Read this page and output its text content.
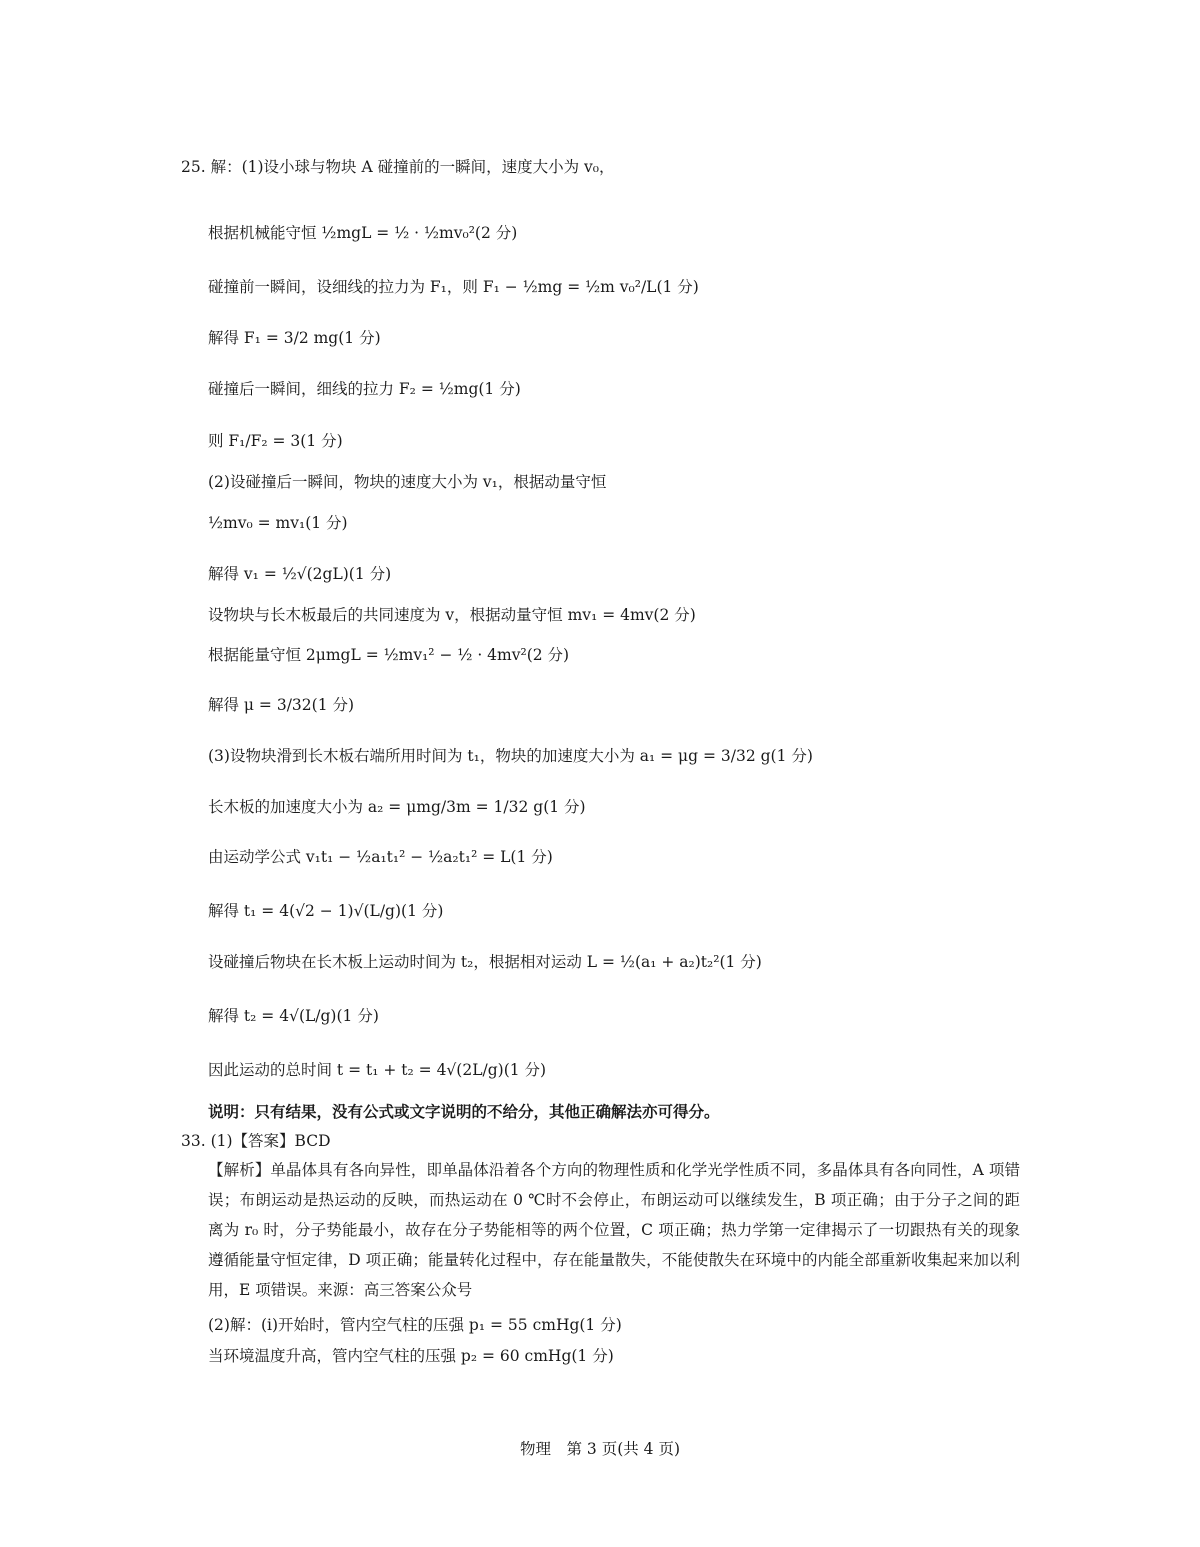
25. 解：(1)设小球与物块 A 碰撞前的一瞬间，速度大小为 v₀，
根据机械能守恒 ½mgL = ½ · ½mv₀²(2 分)
碰撞前一瞬间，设细线的拉力为 F₁，则 F₁ − ½mg = ½m v₀²/L(1 分)
解得 F₁ = 3/2 mg(1 分)
碰撞后一瞬间，细线的拉力 F₂ = ½mg(1 分)
则 F₁/F₂ = 3(1 分)
(2)设碰撞后一瞬间，物块的速度大小为 v₁，根据动量守恒
½mv₀ = mv₁(1 分)
解得 v₁ = ½√(2gL)(1 分)
设物块与长木板最后的共同速度为 v，根据动量守恒 mv₁ = 4mv(2 分)
根据能量守恒 2μmgL = ½mv₁² − ½ · 4mv²(2 分)
解得 μ = 3/32(1 分)
(3)设物块滑到长木板右端所用时间为 t₁，物块的加速度大小为 a₁ = μg = 3/32 g(1 分)
长木板的加速度大小为 a₂ = μmg/3m = 1/32 g(1 分)
由运动学公式 v₁t₁ − ½a₁t₁² − ½a₂t₁² = L(1 分)
解得 t₁ = 4(√2 − 1)√(L/g)(1 分)
设碰撞后物块在长木板上运动时间为 t₂，根据相对运动 L = ½(a₁ + a₂)t₂²(1 分)
解得 t₂ = 4√(L/g)(1 分)
因此运动的总时间 t = t₁ + t₂ = 4√(2L/g)(1 分)
说明：只有结果，没有公式或文字说明的不给分，其他正确解法亦可得分。
33. (1)【答案】BCD
【解析】单晶体具有各向异性，即单晶体沿着各个方向的物理性质和化学光学性质不同，多晶体具有各向同性，A 项错误；布朗运动是热运动的反映，而热运动在 0 ℃时不会停止，布朗运动可以继续发生，B 项正确；由于分子之间的距离为 r₀ 时，分子势能最小，故存在分子势能相等的两个位置，C 项正确；热力学第一定律揭示了一切跟热有关的现象遵循能量守恒定律，D 项正确；能量转化过程中，存在能量散失，不能使散失在环境中的内能全部重新收集起来加以利用，E 项错误。来源：高三答案公众号
(2)解：(i)开始时，管内空气柱的压强 p₁ = 55 cmHg(1 分)
当环境温度升高，管内空气柱的压强 p₂ = 60 cmHg(1 分)
物理　第 3 页(共 4 页)
